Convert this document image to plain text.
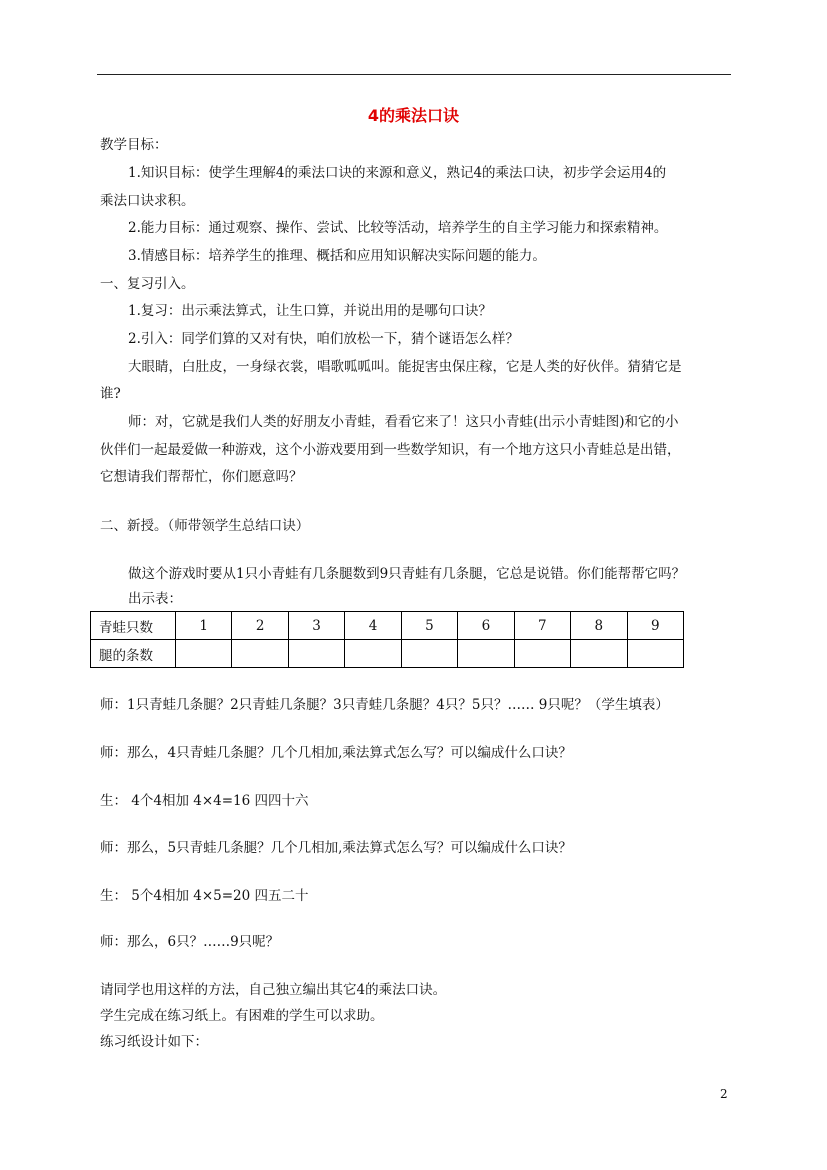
4的乘法口诀
教学目标：
1.知识目标：使学生理解4的乘法口诀的来源和意义，熟记4的乘法口诀，初步学会运用4的
乘法口诀求积。
2.能力目标：通过观察、操作、尝试、比较等活动，培养学生的自主学习能力和探索精神。
3.情感目标：培养学生的推理、概括和应用知识解决实际问题的能力。
一、复习引入。
1.复习：出示乘法算式，让生口算，并说出用的是哪句口诀？
2.引入：同学们算的又对有快，咱们放松一下，猜个谜语怎么样？
大眼睛，白肚皮，一身绿衣裳，唱歌呱呱叫。能捉害虫保庄稼，它是人类的好伙伴。猜猜它是
谁?
师：对，它就是我们人类的好朋友小青蛙，看看它来了！这只小青蛙(出示小青蛙图)和它的小
伙伴们一起最爱做一种游戏，这个小游戏要用到一些数学知识，有一个地方这只小青蛙总是出错，
它想请我们帮帮忙，你们愿意吗？
二、新授。（师带领学生总结口诀）
做这个游戏时要从1只小青蛙有几条腿数到9只青蛙有几条腿，它总是说错。你们能帮帮它吗？
出示表：
青蛙只数	1	2	3	4	5	6	7	8	9
腿的条数									
师：1只青蛙几条腿？2只青蛙几条腿？3只青蛙几条腿？4只？5只？…… 9只呢？（学生填表）
师：那么，4只青蛙几条腿？几个几相加,乘法算式怎么写？可以编成什么口诀？
生： 4个4相加 4×4=16 四四十六
师：那么，5只青蛙几条腿？几个几相加,乘法算式怎么写？可以编成什么口诀？
生： 5个4相加 4×5=20 四五二十
师：那么，6只？……9只呢？
请同学也用这样的方法，自己独立编出其它4的乘法口诀。
学生完成在练习纸上。有困难的学生可以求助。
练习纸设计如下：
2
